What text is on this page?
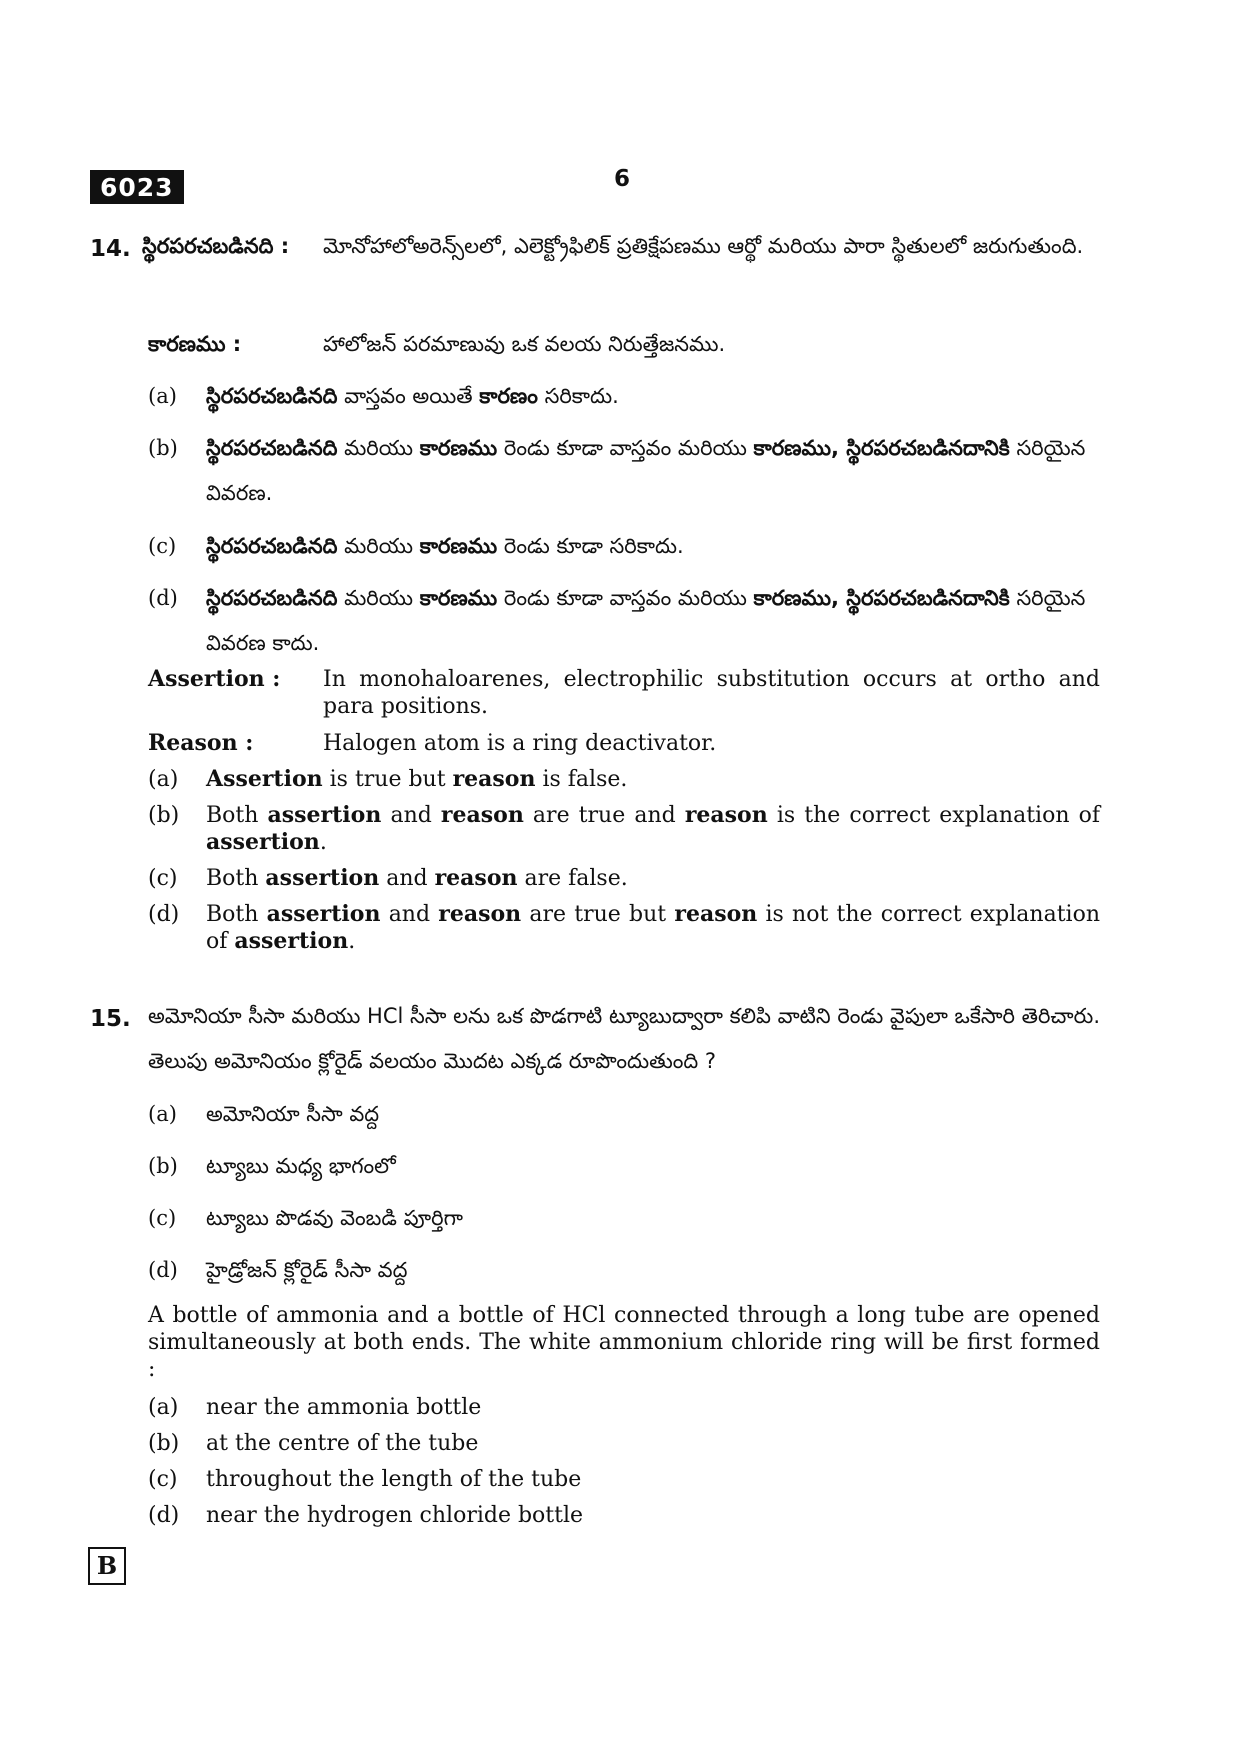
6023	6
14. స్థిరపరచబడినది : మోనోహాలోఅరెన్స్‌లలో, ఎలెక్ట్రోఫిలిక్ ప్రతిక్షేపణము ఆర్థో మరియు పారా స్థితులలో జరుగుతుంది.
కారణము :	హాలోజన్ పరమాణువు ఒక వలయ నిరుత్తేజనము.
(a) స్థిరపరచబడినది వాస్తవం అయితే కారణం సరికాదు.
(b) స్థిరపరచబడినది మరియు కారణము రెండు కూడా వాస్తవం మరియు కారణము, స్థిరపరచబడినదానికి సరియైన వివరణ.
(c) స్థిరపరచబడినది మరియు కారణము రెండు కూడా సరికాదు.
(d) స్థిరపరచబడినది మరియు కారణము రెండు కూడా వాస్తవం మరియు కారణము, స్థిరపరచబడినదానికి సరియైన వివరణ కాదు.
Assertion : In monohaloarenes, electrophilic substitution occurs at ortho and para positions.
Reason :	Halogen atom is a ring deactivator.
(a) Assertion is true but reason is false.
(b) Both assertion and reason are true and reason is the correct explanation of assertion.
(c) Both assertion and reason are false.
(d) Both assertion and reason are true but reason is not the correct explanation of assertion.
15. అమోనియా సీసా మరియు HCl సీసా లను ఒక పొడగాటి ట్యూబుద్వారా కలిపి వాటిని రెండు వైపులా ఒకేసారి తెరిచారు. తెలుపు అమోనియం క్లోరైడ్ వలయం మొదట ఎక్కడ రూపొందుతుంది ?
(a) అమోనియా సీసా వద్ద
(b) ట్యూబు మధ్య భాగంలో
(c) ట్యూబు పొడవు వెంబడి పూర్తిగా
(d) హైడ్రోజన్ క్లోరైడ్ సీసా వద్ద
A bottle of ammonia and a bottle of HCl connected through a long tube are opened simultaneously at both ends. The white ammonium chloride ring will be first formed :
(a) near the ammonia bottle
(b) at the centre of the tube
(c) throughout the length of the tube
(d) near the hydrogen chloride bottle
B
